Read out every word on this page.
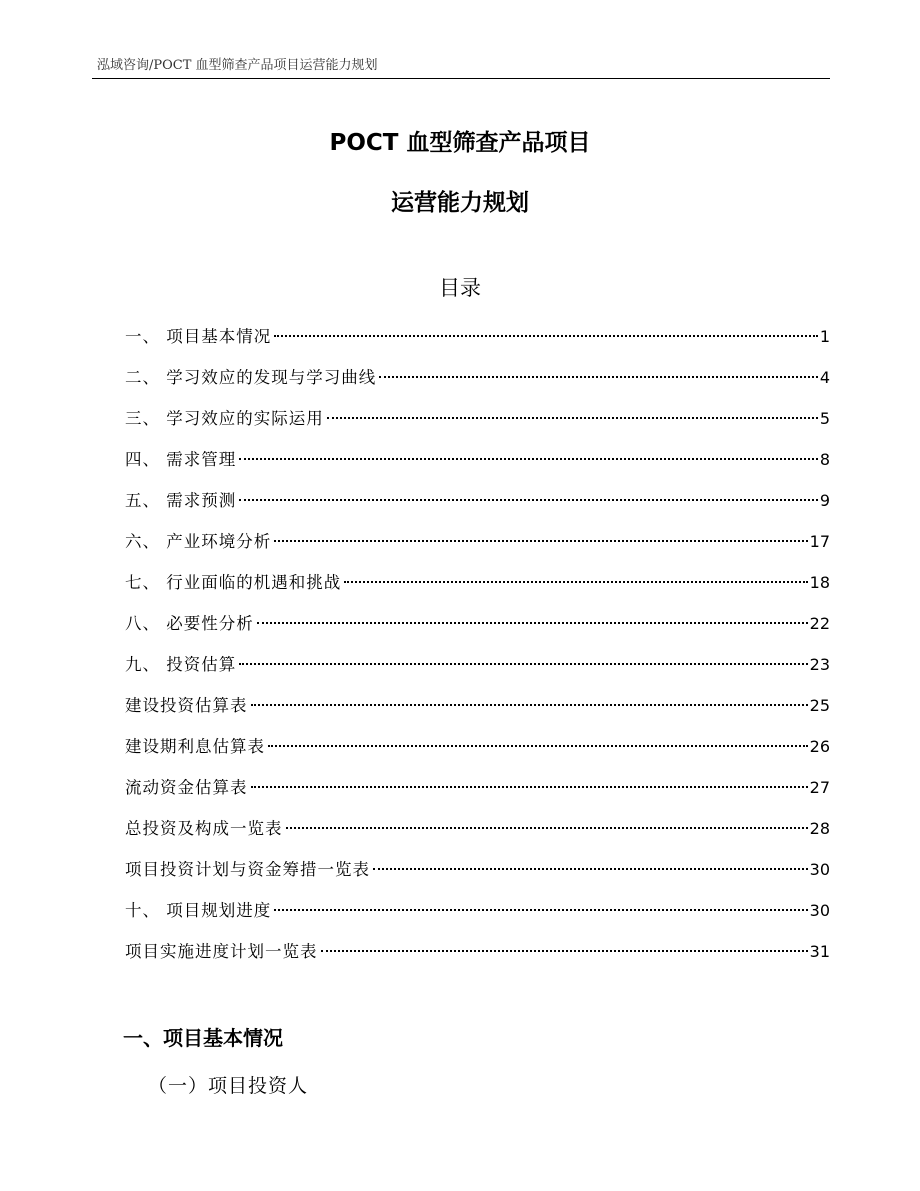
泓域咨询/POCT 血型筛查产品项目运营能力规划
POCT 血型筛查产品项目
运营能力规划
目录
一、 项目基本情况	1
二、 学习效应的发现与学习曲线	4
三、 学习效应的实际运用	5
四、 需求管理	8
五、 需求预测	9
六、 产业环境分析	17
七、 行业面临的机遇和挑战	18
八、 必要性分析	22
九、 投资估算	23
建设投资估算表	25
建设期利息估算表	26
流动资金估算表	27
总投资及构成一览表	28
项目投资计划与资金筹措一览表	30
十、 项目规划进度	30
项目实施进度计划一览表	31
一、项目基本情况
（一）项目投资人
